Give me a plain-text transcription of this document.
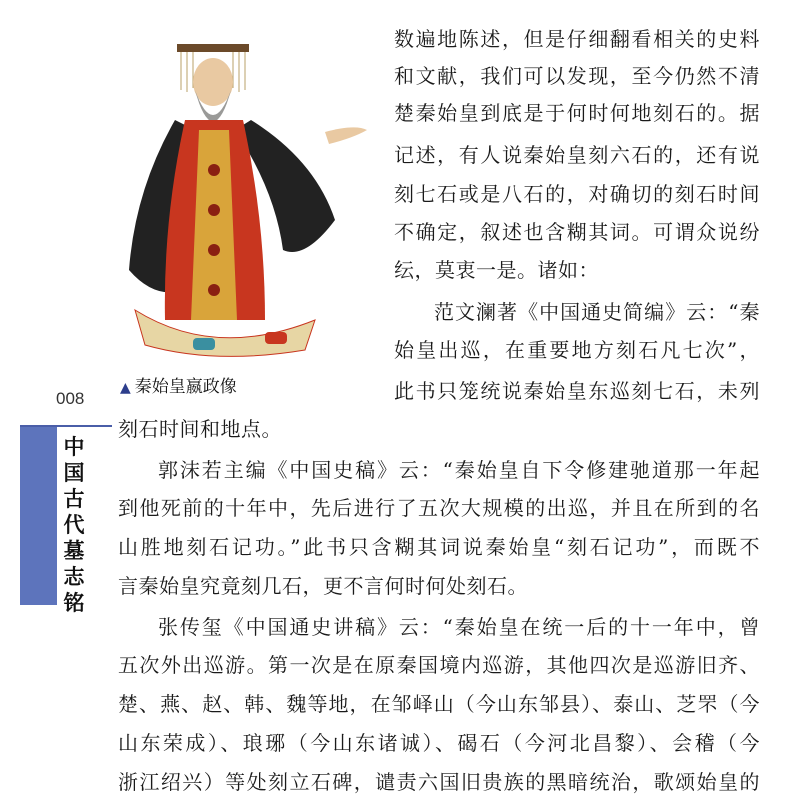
▲ 秦始皇嬴政像
008
中国古代墓志铭
数遍地陈述，但是仔细翻看相关的史料
和文献，我们可以发现，至今仍然不清
楚秦始皇到底是于何时何地刻石的。据
记述，有人说秦始皇刻六石的，还有说
刻七石或是八石的，对确切的刻石时间
不确定，叙述也含糊其词。可谓众说纷
纭，莫衷一是。诸如：
范文澜著《中国通史简编》云：“秦
始皇出巡，在重要地方刻石凡七次”，
此书只笼统说秦始皇东巡刻七石，未列
刻石时间和地点。
郭沫若主编《中国史稿》云：“秦始皇自下令修建驰道那一年起
到他死前的十年中，先后进行了五次大规模的出巡，并且在所到的名
山胜地刻石记功。”此书只含糊其词说秦始皇“刻石记功”，而既不
言秦始皇究竟刻几石，更不言何时何处刻石。
张传玺《中国通史讲稿》云：“秦始皇在统一后的十一年中，曾
五次外出巡游。第一次是在原秦国境内巡游，其他四次是巡游旧齐、
楚、燕、赵、韩、魏等地，在邹峄山（今山东邹县）、泰山、芝罘（今
山东荣成）、琅琊（今山东诸诚）、碣石（今河北昌黎）、会稽（今
浙江绍兴）等处刻立石碑，谴责六国旧贵族的黑暗统治，歌颂始皇的
